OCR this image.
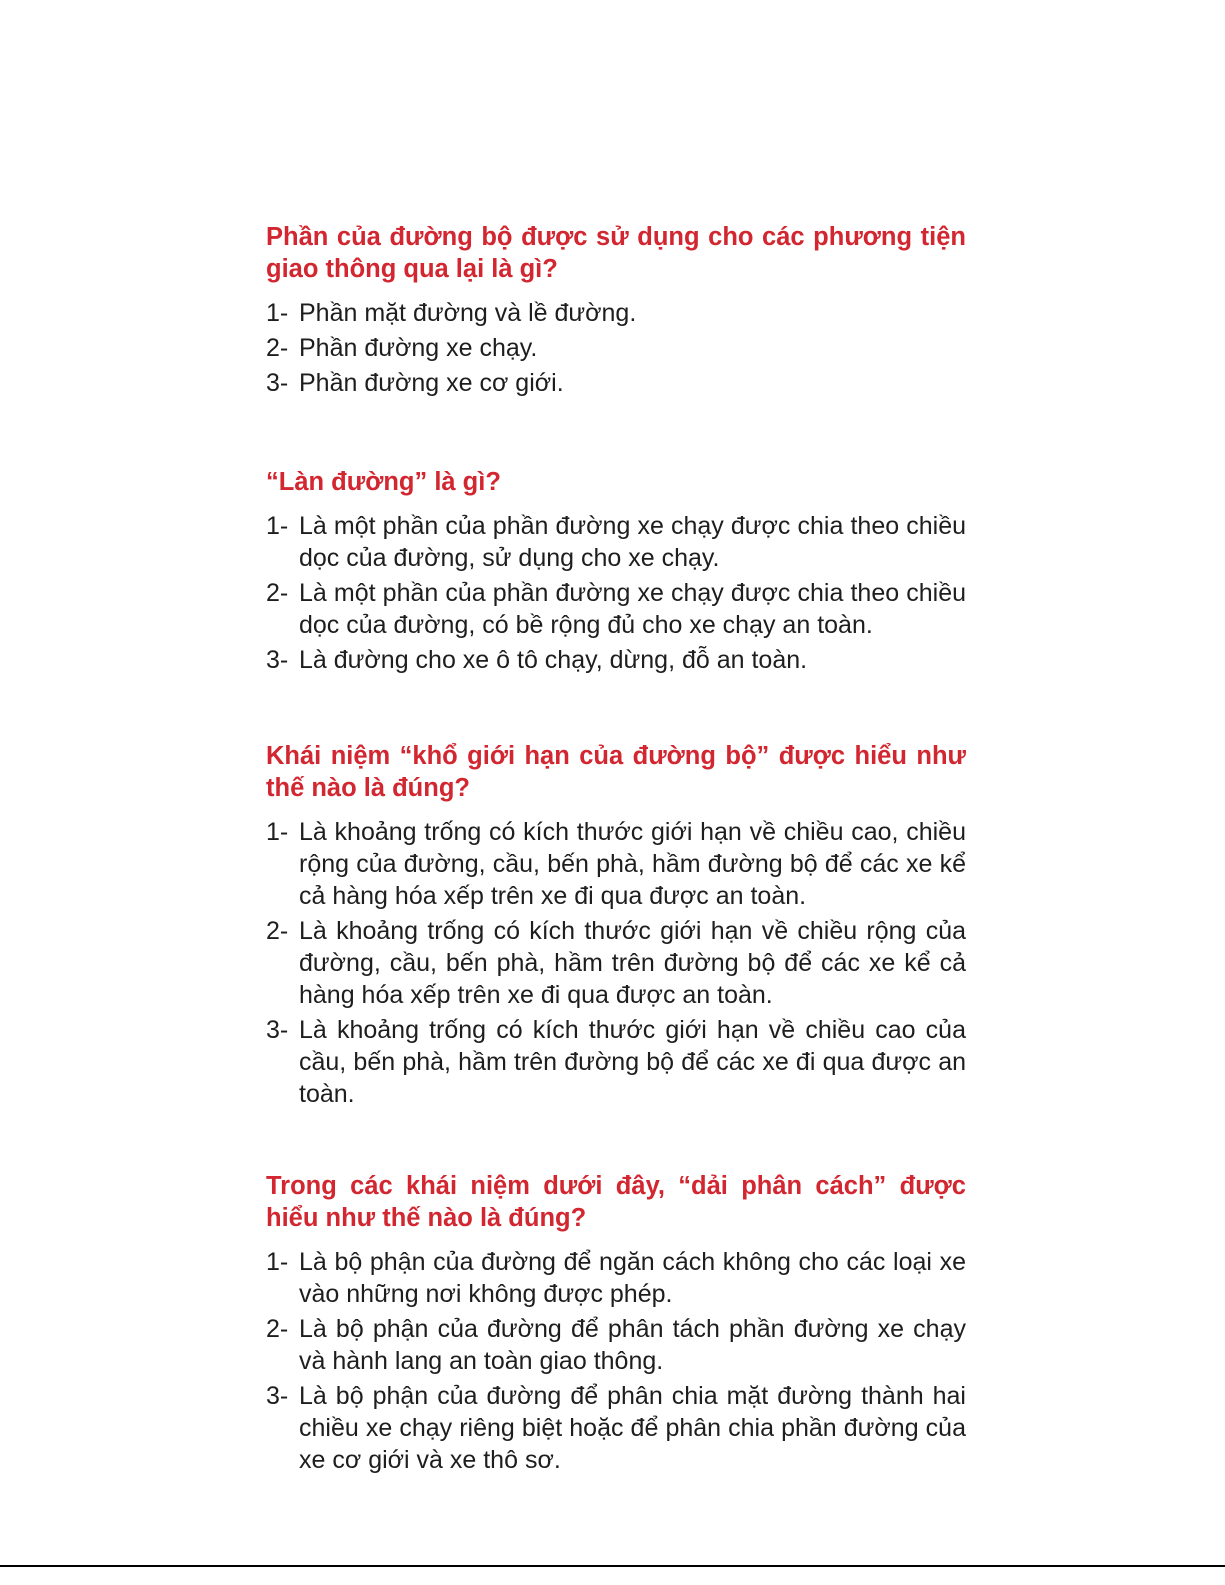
Phần của đường bộ được sử dụng cho các phương tiện giao thông qua lại là gì?
1- Phần mặt đường và lề đường.
2- Phần đường xe chạy.
3- Phần đường xe cơ giới.
“Làn đường” là gì?
1- Là một phần của phần đường xe chạy được chia theo chiều dọc của đường, sử dụng cho xe chạy.
2- Là một phần của phần đường xe chạy được chia theo chiều dọc của đường, có bề rộng đủ cho xe chạy an toàn.
3- Là đường cho xe ô tô chạy, dừng, đỗ an toàn.
Khái niệm “khổ giới hạn của đường bộ” được hiểu như thế nào là đúng?
1- Là khoảng trống có kích thước giới hạn về chiều cao, chiều rộng của đường, cầu, bến phà, hầm đường bộ để các xe kể cả hàng hóa xếp trên xe đi qua được an toàn.
2- Là khoảng trống có kích thước giới hạn về chiều rộng của đường, cầu, bến phà, hầm trên đường bộ để các xe kể cả hàng hóa xếp trên xe đi qua được an toàn.
3- Là khoảng trống có kích thước giới hạn về chiều cao của cầu, bến phà, hầm trên đường bộ để các xe đi qua được an toàn.
Trong các khái niệm dưới đây, “dải phân cách” được hiểu như thế nào là đúng?
1- Là bộ phận của đường để ngăn cách không cho các loại xe vào những nơi không được phép.
2- Là bộ phận của đường để phân tách phần đường xe chạy và hành lang an toàn giao thông.
3- Là bộ phận của đường để phân chia mặt đường thành hai chiều xe chạy riêng biệt hoặc để phân chia phần đường của xe cơ giới và xe thô sơ.
